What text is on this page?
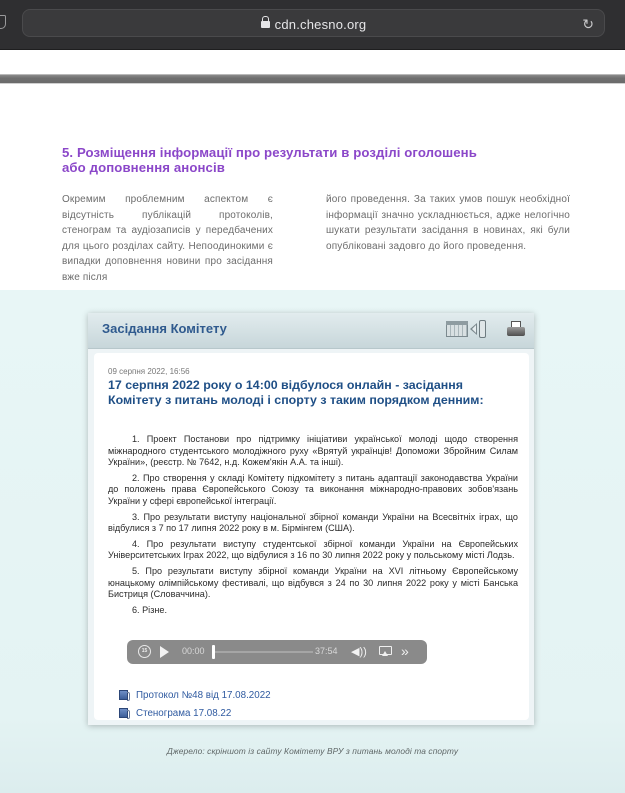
cdn.chesno.org	↻
5. Розміщення інформації про результати в розділі оголошень або доповнення анонсів

Окремим проблемним аспектом є відсутність публікацій протоколів, стенограм та аудіозаписів у передбачених для цього розділах сайту. Непоодинокими є випадки доповнення новини про засідання вже після

його проведення. За таких умов пошук необхідної інформації значно ускладнюється, адже нелогічно шукати результати засідання в новинах, які були опубліковані задовго до його проведення.

Засідання Комітету
09 серпня 2022, 16:56
17 серпня 2022 року о 14:00 відбулося онлайн - засідання Комітету з питань молоді і спорту з таким порядком денним:

1. Проект Постанови про підтримку ініціативи української молоді щодо створення міжнародного студентського молодіжного руху «Врятуй українців! Допоможи Збройним Силам України», (реєстр. № 7642, н.д. Кожем'якін А.А. та інші).

2. Про створення у складі Комітету підкомітету з питань адаптації законодавства України до положень права Європейського Союзу та виконання міжнародно-правових зобов'язань України у сфері європейської інтеграції.

3. Про результати виступу національної збірної команди України на Всесвітніх іграх, що відбулися з 7 по 17 липня 2022 року в м. Бірмінгем (США).

4. Про результати виступу студентської збірної команди України на Європейських Університетських Іграх 2022, що відбулися з 16 по 30 липня 2022 року у польському місті Лодзь.

5. Про результати виступу збірної команди України на XVI літньому Європейському юнацькому олімпійському фестивалі, що відбувся з 24 по 30 липня 2022 року у місті Банська Бистриця (Словаччина).

6. Різне.

15	00:00	37:54 ◀)) »
Протокол №48 від 17.08.2022
Стенограма 17.08.22
Джерело: скріншот із сайту Комітету ВРУ з питань молоді та спорту
